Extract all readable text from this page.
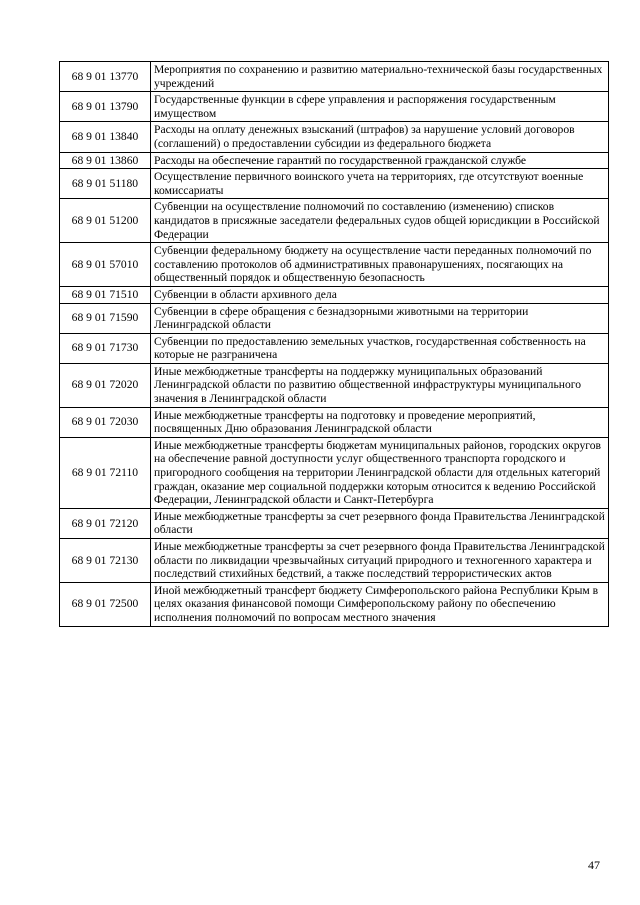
68 9 01 13770	Мероприятия по сохранению и развитию материально-технической базы государственных учреждений
68 9 01 13790	Государственные функции в сфере управления и распоряжения государственным имуществом
68 9 01 13840	Расходы на оплату денежных взысканий (штрафов) за нарушение условий договоров (соглашений) о предоставлении субсидии из федерального бюджета
68 9 01 13860	Расходы на обеспечение гарантий по государственной гражданской службе
68 9 01 51180	Осуществление первичного воинского учета на территориях, где отсутствуют военные комиссариаты
68 9 01 51200	Субвенции на осуществление полномочий по составлению (изменению) списков кандидатов в присяжные заседатели федеральных судов общей юрисдикции в Российской Федерации
68 9 01 57010	Субвенции федеральному бюджету на осуществление части переданных полномочий по составлению протоколов об административных правонарушениях, посягающих на общественный порядок и общественную безопасность
68 9 01 71510	Субвенции в области архивного дела
68 9 01 71590	Субвенции в сфере обращения с безнадзорными животными на территории Ленинградской области
68 9 01 71730	Субвенции по предоставлению земельных участков, государственная собственность на которые не разграничена
68 9 01 72020	Иные межбюджетные трансферты на поддержку муниципальных образований Ленинградской области по развитию общественной инфраструктуры муниципального значения в Ленинградской области
68 9 01 72030	Иные межбюджетные трансферты на подготовку и проведение мероприятий, посвященных Дню образования Ленинградской области
68 9 01 72110	Иные межбюджетные трансферты бюджетам муниципальных районов, городских округов на обеспечение равной доступности услуг общественного транспорта городского и пригородного сообщения на территории Ленинградской области для отдельных категорий граждан, оказание мер социальной поддержки которым относится к ведению Российской Федерации, Ленинградской области и Санкт-Петербурга
68 9 01 72120	Иные межбюджетные трансферты за счет резервного фонда Правительства Ленинградской области
68 9 01 72130	Иные межбюджетные трансферты за счет резервного фонда Правительства Ленинградской области по ликвидации чрезвычайных ситуаций природного и техногенного характера и последствий стихийных бедствий, а также последствий террористических актов
68 9 01 72500	Иной межбюджетный трансферт бюджету Симферопольского района Республики Крым в целях оказания финансовой помощи Симферопольскому району по обеспечению исполнения полномочий по вопросам местного значения
47
